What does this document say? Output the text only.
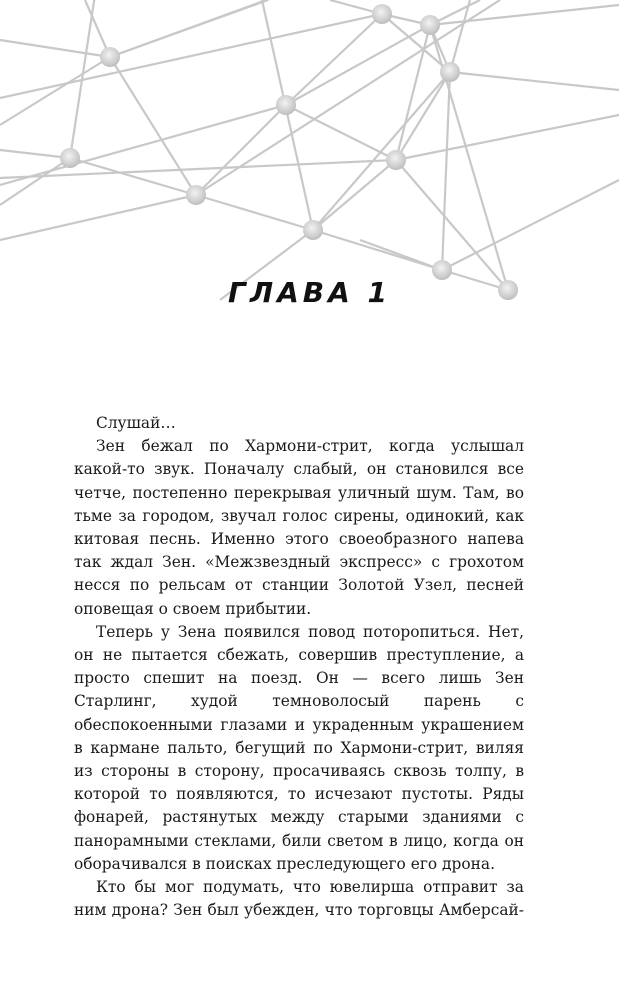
ГЛАВА 1

Слушай…

Зен бежал по Хармони-стрит, когда услышал какой-то звук. Поначалу слабый, он становился все четче, постепенно перекрывая уличный шум. Там, во тьме за городом, звучал голос сирены, одинокий, как китовая песнь. Именно этого своеобразного напева так ждал Зен. «Межзвездный экспресс» с грохотом несся по рельсам от станции Золотой Узел, песней оповещая о своем прибытии.

Теперь у Зена появился повод поторопиться. Нет, он не пытается сбежать, совершив преступление, а просто спешит на поезд. Он — всего лишь Зен Старлинг, худой темноволосый парень с обеспокоенными глазами и украденным украшением в кармане пальто, бегущий по Хармони-стрит, виляя из стороны в сторону, просачиваясь сквозь толпу, в которой то появляются, то исчезают пустоты. Ряды фонарей, растянутых между старыми зданиями с панорамными стеклами, били светом в лицо, когда он оборачивался в поисках преследующего его дрона.

Кто бы мог подумать, что ювелирша отправит за ним дрона? Зен был убежден, что торговцы Амберсай-
